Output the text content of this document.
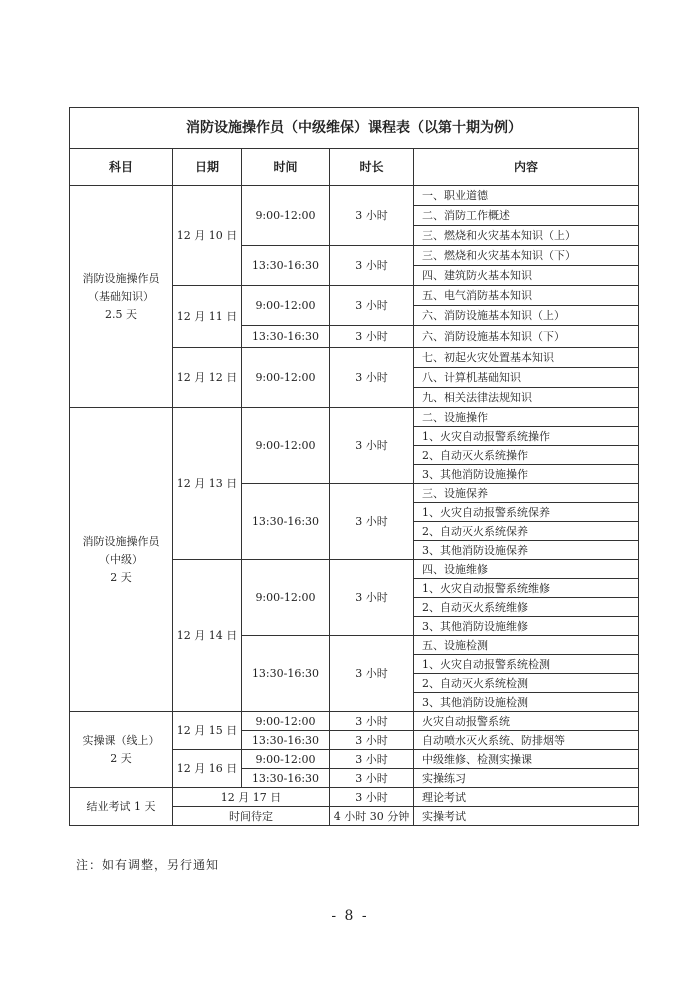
消防设施操作员（中级维保）课程表（以第十期为例）				
科目	日期	时间	时长	内容

消防设施操作员
（基础知识）
2.5 天	12 月 10 日	9:00-12:00	3 小时	一、职业道德
				二、消防工作概述
				三、燃烧和火灾基本知识（上）
		13:30-16:30	3 小时	三、燃烧和火灾基本知识（下）
				四、建筑防火基本知识
	12 月 11 日	9:00-12:00	3 小时	五、电气消防基本知识
				六、消防设施基本知识（上）
		13:30-16:30	3 小时	六、消防设施基本知识（下）
	12 月 12 日	9:00-12:00	3 小时	七、初起火灾处置基本知识
				八、计算机基础知识
				九、相关法律法规知识

消防设施操作员
（中级）
2 天	12 月 13 日	9:00-12:00	3 小时	二、设施操作
				1、火灾自动报警系统操作
				2、自动灭火系统操作
				3、其他消防设施操作
		13:30-16:30	3 小时	三、设施保养
				1、火灾自动报警系统保养
				2、自动灭火系统保养
				3、其他消防设施保养
	12 月 14 日	9:00-12:00	3 小时	四、设施维修
				1、火灾自动报警系统维修
				2、自动灭火系统维修
				3、其他消防设施维修
		13:30-16:30	3 小时	五、设施检测
				1、火灾自动报警系统检测
				2、自动灭火系统检测
				3、其他消防设施检测

实操课（线上）
2 天	12 月 15 日	9:00-12:00	3 小时	火灾自动报警系统
		13:30-16:30	3 小时	自动喷水灭火系统、防排烟等
	12 月 16 日	9:00-12:00	3 小时	中级维修、检测实操课
		13:30-16:30	3 小时	实操练习
结业考试 1 天	12 月 17 日		3 小时	理论考试
	时间待定		4 小时 30 分钟	实操考试
注：如有调整，另行通知
- 8 -
